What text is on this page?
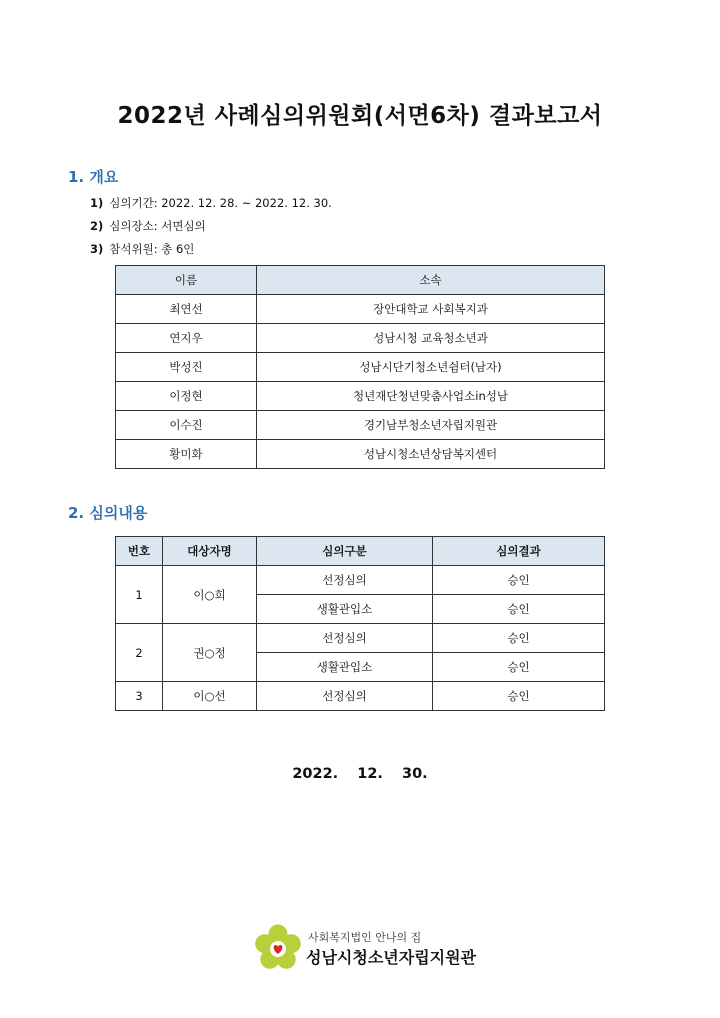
2022년 사례심의위원회(서면6차) 결과보고서
1. 개요
1) 심의기간: 2022. 12. 28. ~ 2022. 12. 30.
2) 심의장소: 서면심의
3) 참석위원: 총 6인
이름	소속
최연선	장안대학교 사회복지과
연지우	성남시청 교육청소년과
박성진	성남시단기청소년쉼터(남자)
이정현	청년재단청년맞춤사업소in성남
이수진	경기남부청소년자립지원관
황미화	성남시청소년상담복지센터
2. 심의내용
번호	대상자명	심의구분	심의결과
1	이○희	선정심의	승인
		생활관입소	승인
2	권○정	선정심의	승인
		생활관입소	승인
3	이○선	선정심의	승인
2022. 12. 30.
사회복지법인 안나의 집
성남시청소년자립지원관
